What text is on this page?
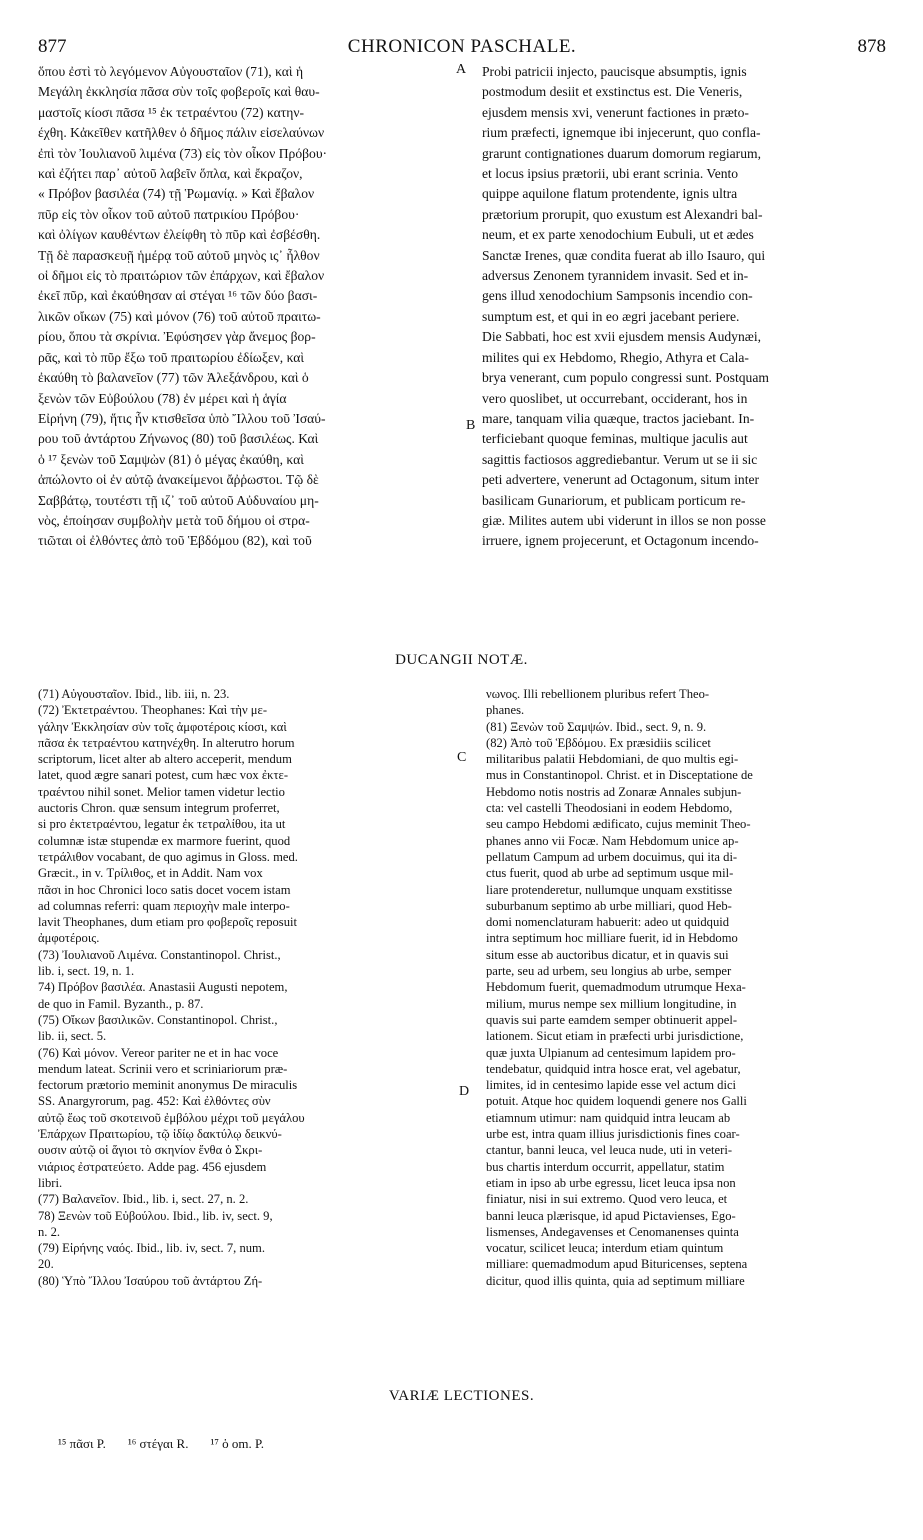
877	CHRONICON PASCHALE.	878
ὅπου ἐστὶ τὸ λεγόμενον Αὐγουσταῖον (71), καὶ ἡ
Μεγάλη ἐκκλησία πᾶσα σὺν τοῖς φοβεροῖς καὶ θαυ-
μαστοῖς κίοσι πᾶσα ¹⁵ ἐκ τετραέντου (72) κατην-
έχθη. Κἀκεῖθεν κατῆλθεν ὁ δῆμος πάλιν εἰσελαύνων
ἐπὶ τὸν Ἰουλιανοῦ λιμένα (73) εἰς τὸν οἶκον Πρόβου·
καὶ ἐζήτει παρ᾽ αὐτοῦ λαβεῖν ὅπλα, καὶ ἔκραζον,
« Πρόβον βασιλέα (74) τῇ Ῥωμανίᾳ. » Καὶ ἔβαλον
πῦρ εἰς τὸν οἶκον τοῦ αὐτοῦ πατρικίου Πρόβου·
καὶ ὀλίγων καυθέντων ἐλείφθη τὸ πῦρ καὶ ἐσβέσθη.
Τῇ δὲ παρασκευῇ ἡμέρᾳ τοῦ αὐτοῦ μηνὸς ις᾽ ἦλθον
οἱ δῆμοι εἰς τὸ πραιτώριον τῶν ἐπάρχων, καὶ ἔβαλον
ἐκεῖ πῦρ, καὶ ἐκαύθησαν αἱ στέγαι ¹⁶ τῶν δύο βασι-
λικῶν οἴκων (75) καὶ μόνον (76) τοῦ αὐτοῦ πραιτω-
ρίου, ὅπου τὰ σκρίνια. Ἐφύσησεν γὰρ ἄνεμος βορ-
ρᾶς, καὶ τὸ πῦρ ἔξω τοῦ πραιτωρίου ἐδίωξεν, καὶ
ἐκαύθη τὸ βαλανεῖον (77) τῶν Ἀλεξάνδρου, καὶ ὁ
ξενὼν τῶν Εὐβούλου (78) ἐν μέρει καὶ ἡ ἁγία
Εἰρήνη (79), ἥτις ἦν κτισθεῖσα ὑπὸ Ἴλλου τοῦ Ἰσαύ-
ρου τοῦ ἀντάρτου Ζήνωνος (80) τοῦ βασιλέως. Καὶ
ὁ ¹⁷ ξενὼν τοῦ Σαμψὼν (81) ὁ μέγας ἐκαύθη, καὶ
ἀπώλοντο οἱ ἐν αὐτῷ ἀνακείμενοι ἄῤῥωστοι. Τῷ δὲ
Σαββάτῳ, τουτέστι τῇ ιζ᾽ τοῦ αὐτοῦ Αὐδυναίου μη-
νὸς, ἐποίησαν συμβολὴν μετὰ τοῦ δήμου οἱ στρα-
τιῶται οἱ ἐλθόντες ἀπὸ τοῦ Ἑβδόμου (82), καὶ τοῦ
Probi patricii injecto, paucisque absumptis, ignis
postmodum desiit et exstinctus est. Die Veneris,
ejusdem mensis xvi, venerunt factiones in præto-
rium præfecti, ignemque ibi injecerunt, quo confla-
grarunt contignationes duarum domorum regiarum,
et locus ipsius prætorii, ubi erant scrinia. Vento
quippe aquilone flatum protendente, ignis ultra
prætorium prorupit, quo exustum est Alexandri bal-
neum, et ex parte xenodochium Eubuli, ut et ædes
Sanctæ Irenes, quæ condita fuerat ab illo Isauro, qui
adversus Zenonem tyrannidem invasit. Sed et in-
gens illud xenodochium Sampsonis incendio con-
sumptum est, et qui in eo ægri jacebant periere.
Die Sabbati, hoc est xvii ejusdem mensis Audynæi,
milites qui ex Hebdomo, Rhegio, Athyra et Cala-
brya venerant, cum populo congressi sunt. Postquam
vero quoslibet, ut occurrebant, occiderant, hos in
mare, tanquam vilia quæque, tractos jaciebant. In-
terficiebant quoque feminas, multique jaculis aut
sagittis factiosos aggrediebantur. Verum ut se ii sic
peti advertere, venerunt ad Octagonum, situm inter
basilicam Gunariorum, et publicam porticum re-
giæ. Milites autem ubi viderunt in illos se non posse
irruere, ignem projecerunt, et Octagonum incendo-
A
B
C
D
DUCANGII NOTÆ.
(71) Αὐγουσταῖον. Ibid., lib. iii, n. 23.
(72) Ἐκτετραέντου. Theophanes: Καὶ τὴν με-
γάλην Ἐκκλησίαν σὺν τοῖς ἀμφοτέροις κίοσι, καὶ
πᾶσα ἐκ τετραέντου κατηνέχθη. In alterutro horum
scriptorum, licet alter ab altero acceperit, mendum
latet, quod ægre sanari potest, cum hæc vox ἐκτε-
τραέντου nihil sonet. Melior tamen videtur lectio
auctoris Chron. quæ sensum integrum proferret,
si pro ἐκτετραέντου, legatur ἐκ τετραλίθου, ita ut
columnæ istæ stupendæ ex marmore fuerint, quod
τετράλιθον vocabant, de quo agimus in Gloss. med.
Græcit., in v. Τρίλιθος, et in Addit. Nam vox
πᾶσι in hoc Chronici loco satis docet vocem istam
ad columnas referri: quam περιοχὴν male interpo-
lavit Theophanes, dum etiam pro φοβεροῖς reposuit
ἀμφοτέροις.
(73) Ἰουλιανοῦ Λιμένα. Constantinopol. Christ.,
lib. i, sect. 19, n. 1.
74) Πρόβον βασιλέα. Anastasii Augusti nepotem,
de quo in Famil. Byzanth., p. 87.
(75) Οἴκων βασιλικῶν. Constantinopol. Christ.,
lib. ii, sect. 5.
(76) Καὶ μόνον. Vereor pariter ne et in hac voce
mendum lateat. Scrinii vero et scriniariorum præ-
fectorum prætorio meminit anonymus De miraculis
SS. Anargyrorum, pag. 452: Καὶ ἐλθόντες σὺν
αὐτῷ ἕως τοῦ σκοτεινοῦ ἐμβόλου μέχρι τοῦ μεγάλου
Ἐπάρχων Πραιτωρίου, τῷ ἰδίῳ δακτύλῳ δεικνύ-
ουσιν αὐτῷ οἱ ἅγιοι τὸ σκηνίον ἔνθα ὁ Σκρι-
νιάριος ἐστρατεύετο. Adde pag. 456 ejusdem
libri.
(77) Βαλανεῖον. Ibid., lib. i, sect. 27, n. 2.
78) Ξενὼν τοῦ Εὐβούλου. Ibid., lib. iv, sect. 9,
n. 2.
(79) Εἰρήνης ναός. Ibid., lib. iv, sect. 7, num.
20.
(80) Ὑπὸ Ἴλλου Ἰσαύρου τοῦ ἀντάρτου Ζή-
νωνος. Illi rebellionem pluribus refert Theo-
phanes.
(81) Ξενὼν τοῦ Σαμψών. Ibid., sect. 9, n. 9.
(82) Ἀπὸ τοῦ Ἑβδόμου. Ex præsidiis scilicet
militaribus palatii Hebdomiani, de quo multis egi-
mus in Constantinopol. Christ. et in Disceptatione de
Hebdomo notis nostris ad Zonaræ Annales subjun-
cta: vel castelli Theodosiani in eodem Hebdomo,
seu campo Hebdomi ædificato, cujus meminit Theo-
phanes anno vii Focæ. Nam Hebdomum unice ap-
pellatum Campum ad urbem docuimus, qui ita di-
ctus fuerit, quod ab urbe ad septimum usque mil-
liare protenderetur, nullumque unquam exstitisse
suburbanum septimo ab urbe milliari, quod Heb-
domi nomenclaturam habuerit: adeo ut quidquid
intra septimum hoc milliare fuerit, id in Hebdomo
situm esse ab auctoribus dicatur, et in quavis sui
parte, seu ad urbem, seu longius ab urbe, semper
Hebdomum fuerit, quemadmodum utrumque Hexa-
milium, murus nempe sex millium longitudine, in
quavis sui parte eamdem semper obtinuerit appel-
lationem. Sicut etiam in præfecti urbi jurisdictione,
quæ juxta Ulpianum ad centesimum lapidem pro-
tendebatur, quidquid intra hosce erat, vel agebatur,
limites, id in centesimo lapide esse vel actum dici
potuit. Atque hoc quidem loquendi genere nos Galli
etiamnum utimur: nam quidquid intra leucam ab
urbe est, intra quam illius jurisdictionis fines coar-
ctantur, banni leuca, vel leuca nude, uti in veteri-
bus chartis interdum occurrit, appellatur, statim
etiam in ipso ab urbe egressu, licet leuca ipsa non
finiatur, nisi in sui extremo. Quod vero leuca, et
banni leuca plærisque, id apud Pictavienses, Ego-
lismenses, Andegavenses et Cenomanenses quinta
vocatur, scilicet leuca; interdum etiam quintum
milliare: quemadmodum apud Bituricenses, septena
dicitur, quod illis quinta, quia ad septimum milliare
VARIÆ LECTIONES.
¹⁵ πᾶσι P. ¹⁶ στέγαι R. ¹⁷ ὁ om. P.
